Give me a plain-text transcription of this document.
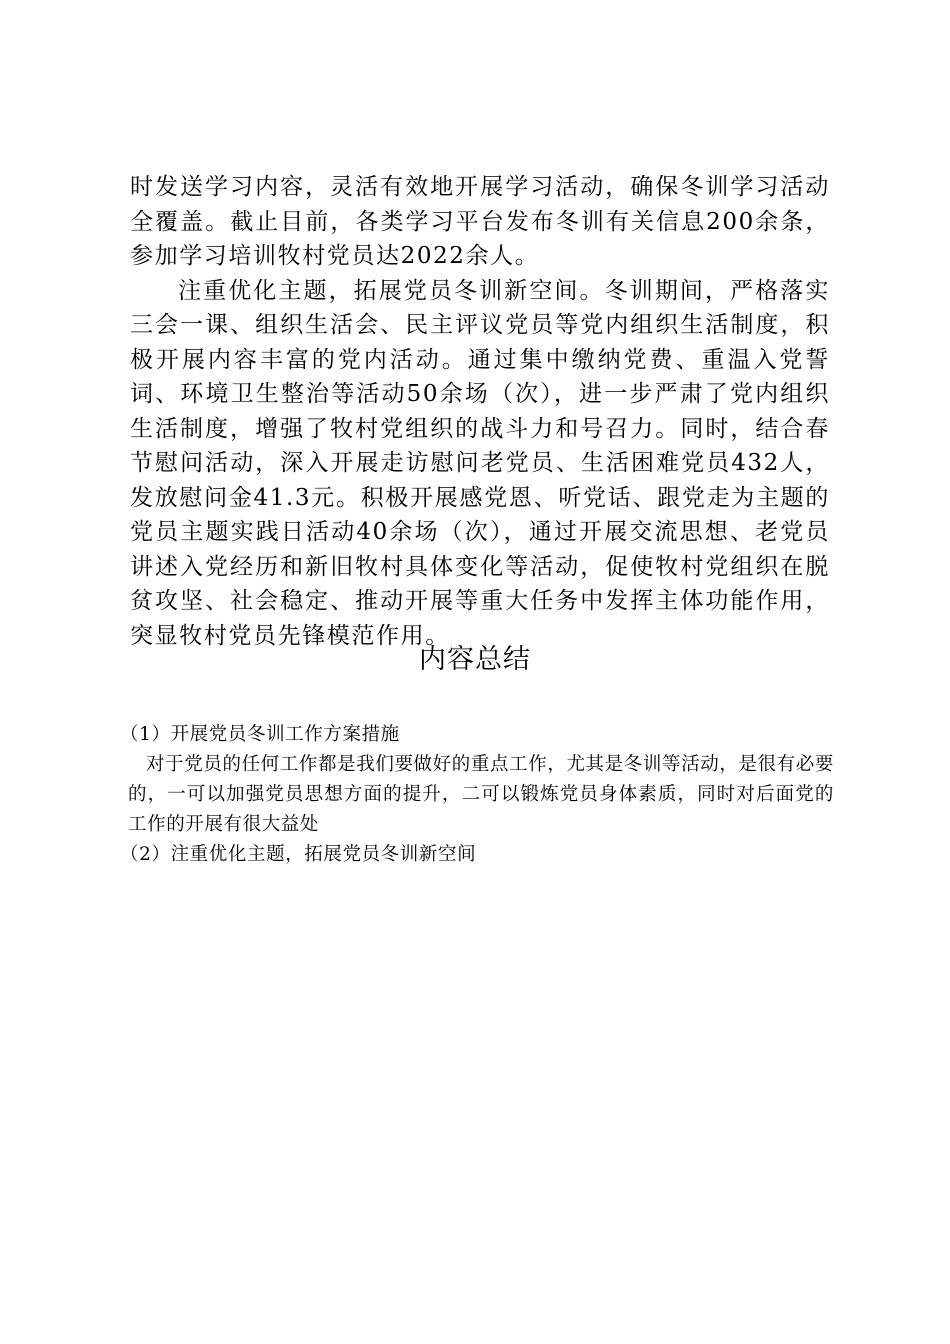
时发送学习内容，灵活有效地开展学习活动，确保冬训学习活动全覆盖。截止目前，各类学习平台发布冬训有关信息200余条，参加学习培训牧村党员达2022余人。

注重优化主题，拓展党员冬训新空间。冬训期间，严格落实三会一课、组织生活会、民主评议党员等党内组织生活制度，积极开展内容丰富的党内活动。通过集中缴纳党费、重温入党誓词、环境卫生整治等活动50余场（次），进一步严肃了党内组织生活制度，增强了牧村党组织的战斗力和号召力。同时，结合春节慰问活动，深入开展走访慰问老党员、生活困难党员432人，发放慰问金41.3元。积极开展感党恩、听党话、跟党走为主题的党员主题实践日活动40余场（次），通过开展交流思想、老党员讲述入党经历和新旧牧村具体变化等活动，促使牧村党组织在脱贫攻坚、社会稳定、推动开展等重大任务中发挥主体功能作用，突显牧村党员先锋模范作用。

内容总结

（1）开展党员冬训工作方案措施

对于党员的任何工作都是我们要做好的重点工作，尤其是冬训等活动，是很有必要的，一可以加强党员思想方面的提升，二可以锻炼党员身体素质，同时对后面党的工作的开展有很大益处

（2）注重优化主题，拓展党员冬训新空间
